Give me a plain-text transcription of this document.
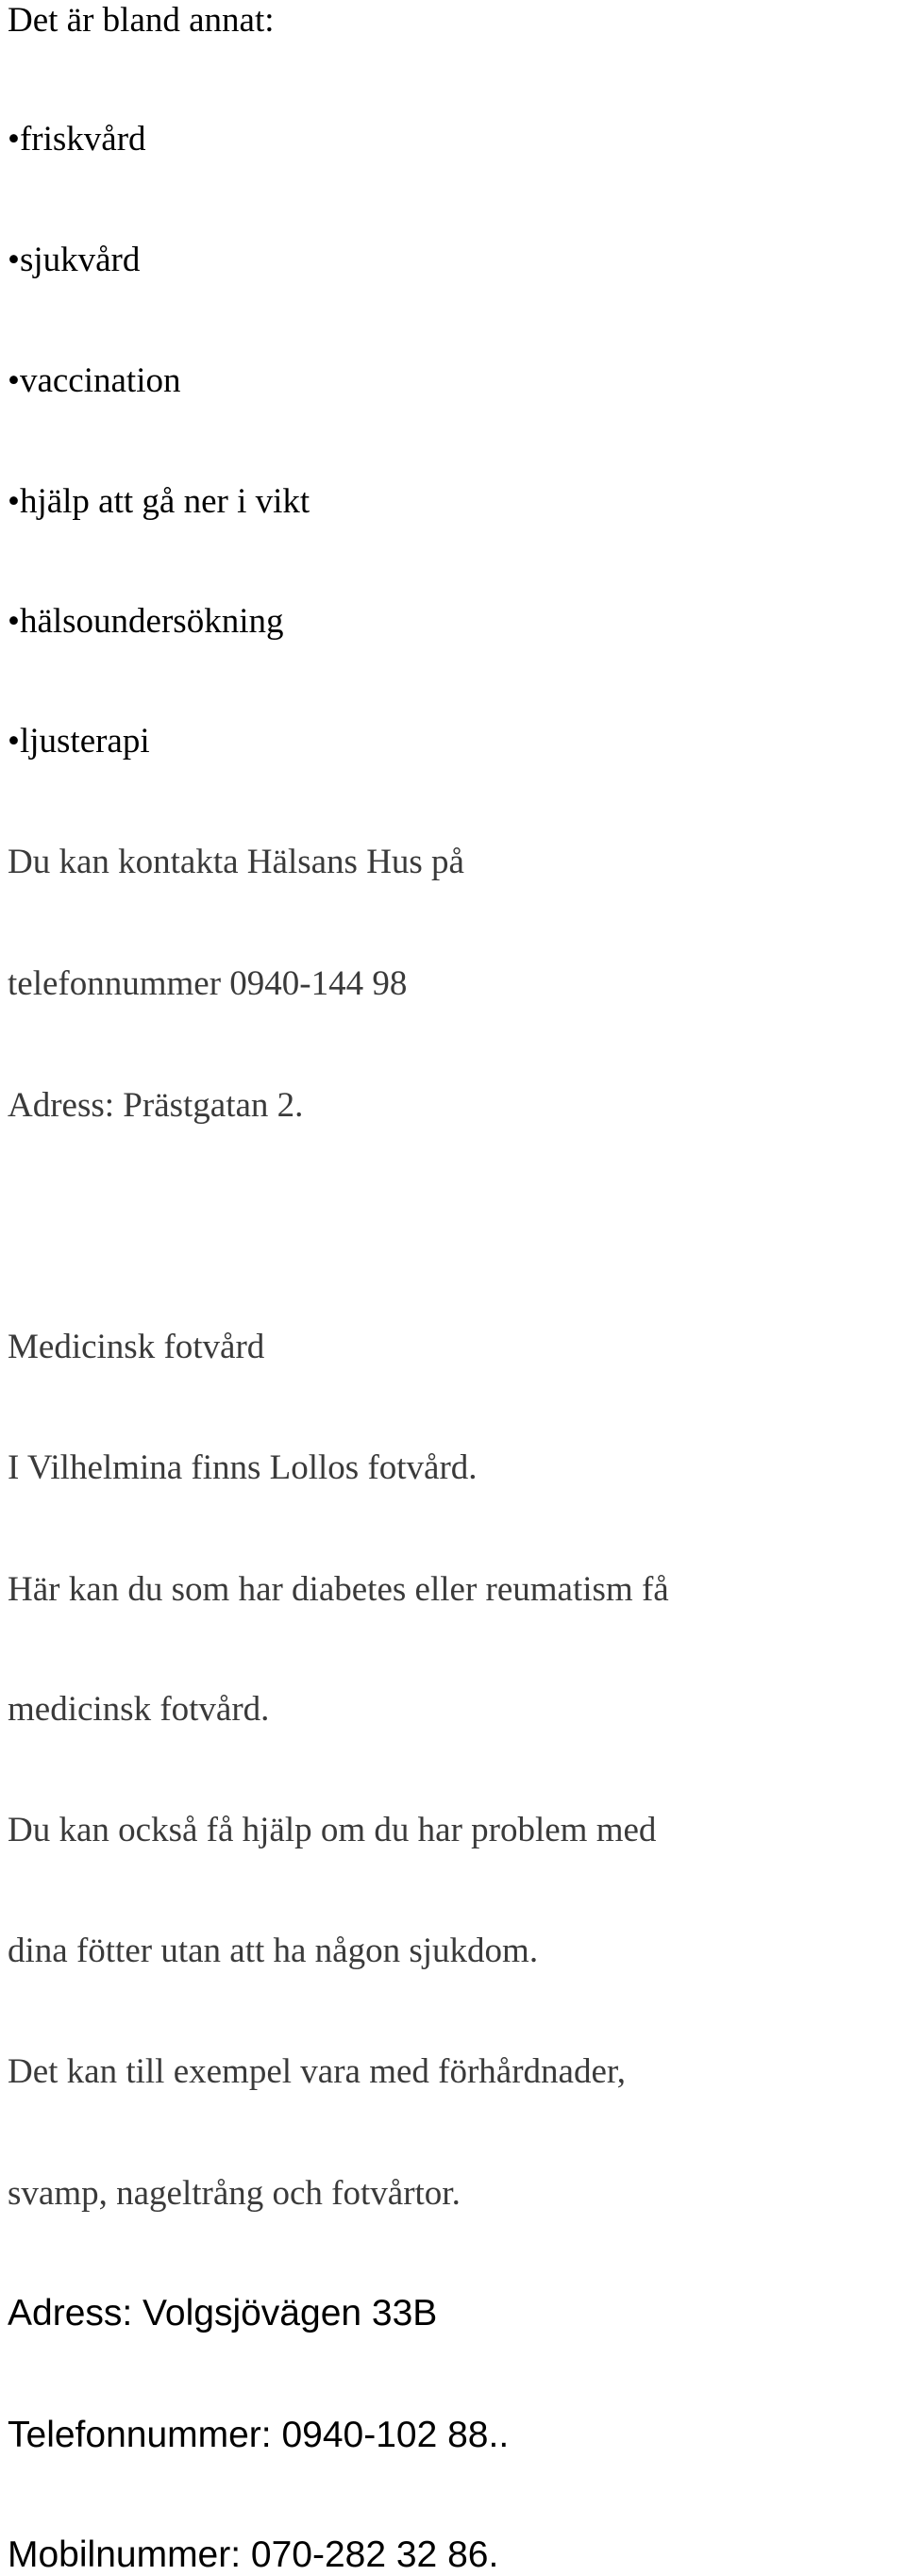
Det är bland annat:
•friskvård
•sjukvård
•vaccination
•hjälp att gå ner i vikt
•hälsoundersökning
•ljusterapi
Du kan kontakta Hälsans Hus på
telefonnummer 0940-144 98
Adress: Prästgatan 2.
Medicinsk fotvård
I Vilhelmina finns Lollos fotvård.
Här kan du som har diabetes eller reumatism få
medicinsk fotvård.
Du kan också få hjälp om du har problem med
dina fötter utan att ha någon sjukdom.
Det kan till exempel vara med förhårdnader,
svamp, nageltrång och fotvårtor.
Adress: Volgsjövägen 33B
Telefonnummer: 0940-102 88..
Mobilnummer: 070-282 32 86.
